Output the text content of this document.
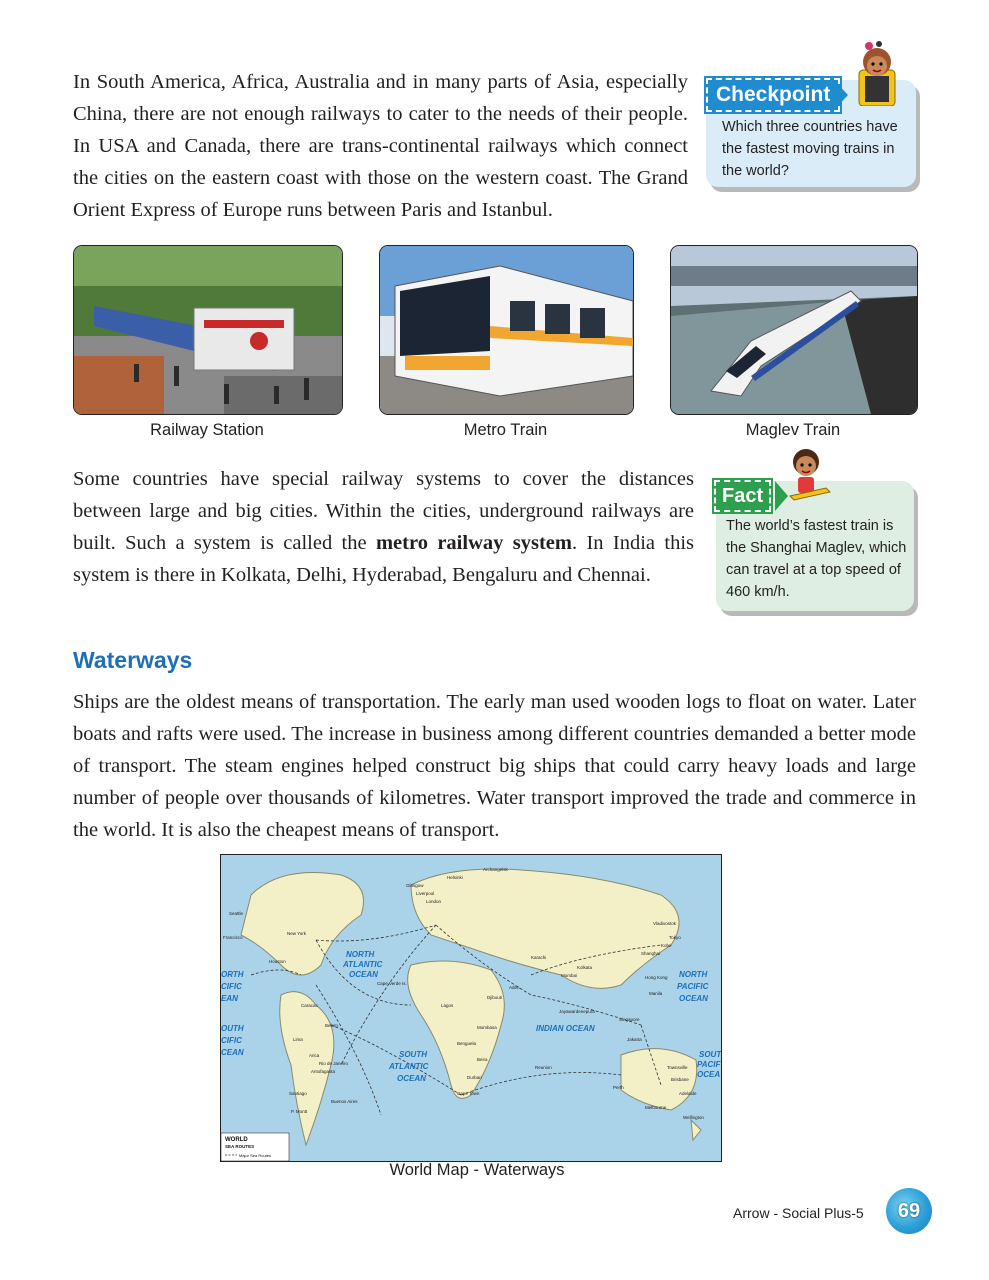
In South America, Africa, Australia and in many parts of Asia, especially China, there are not enough railways to cater to the needs of their people. In USA and Canada, there are trans-continental railways which connect the cities on the eastern coast with those on the western coast. The Grand Orient Express of Europe runs between Paris and Istanbul.

Checkpoint
Which three countries have the fastest moving trains in the world?
Railway Station	Metro Train	Maglev Train

Some countries have special railway systems to cover the distances between large and big cities. Within the cities, underground railways are built. Such a system is called the metro railway system. In India this system is there in Kolkata, Delhi, Hyderabad, Bengaluru and Chennai.

Fact
The world’s fastest train is the Shanghai Maglev, which can travel at a top speed of 460 km/h.
Waterways

Ships are the oldest means of transportation. The early man used wooden logs to float on water. Later boats and rafts were used. The increase in business among different countries demanded a better mode of transport. The steam engines helped construct big ships that could carry heavy loads and large number of people over thousands of kilometres. Water transport improved the trade and commerce in the world. It is also the cheapest means of transport.

NORTH
ATLANTIC
OCEAN	NORTH
PACIFIC
OCEAN
INDIAN OCEAN
SOUTH
ATLANTIC
OCEAN
ORTH
CIFIC
EAN
OUTH
CIFIC
CEAN	SOUT
PACIF
OCEA
Archangelsk
Helsinki
Glasgow
Liverpool
London
Seattle
New York
Francisco
Houston
Cape Verde Is.
Caracas	Lagos
Djibouti
Aden
Karachi
Kolkata
Mumbai	Hong Kong
Manila
Shanghai
Tokyo
Kobe
Vladivostok
Singapore
Jayawardenepura
Mombasa
Jakarta
Benguela
Beira
Durban
Cape Town
Reunion
Lima
Arica
Rio de Janeiro
Antofagasta
Santiago
Buenos Aires
P. Montt
Belem
Perth
Adelaide
Melbourne
Brisbane
Townsville
Wellington
WORLD
SEA ROUTES
Major Sea Routes
World Map - Waterways
Arrow - Social Plus-5	69
